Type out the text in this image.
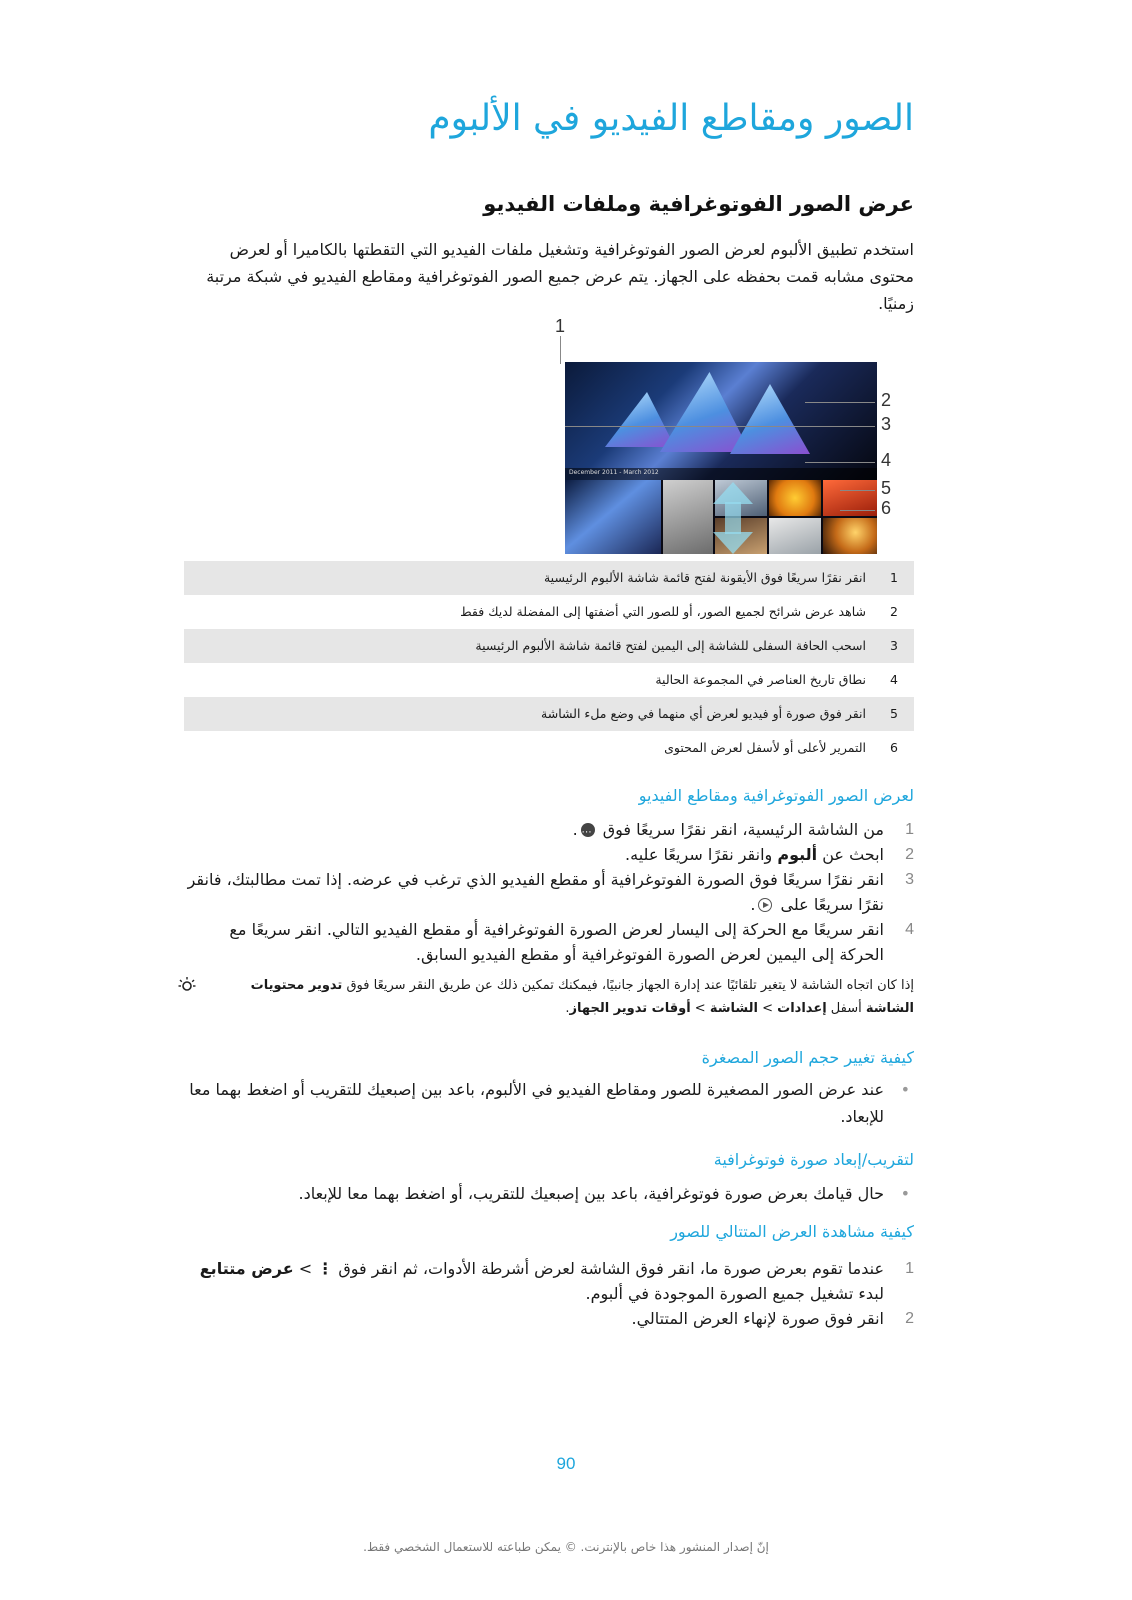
الصور ومقاطع الفيديو في الألبوم
عرض الصور الفوتوغرافية وملفات الفيديو

استخدم تطبيق الألبوم لعرض الصور الفوتوغرافية وتشغيل ملفات الفيديو التي التقطتها بالكاميرا أو لعرض محتوى مشابه قمت بحفظه على الجهاز. يتم عرض جميع الصور الفوتوغرافية ومقاطع الفيديو في شبكة مرتبة زمنيًا.

1
انقر نقرًا سريعًا فوق الأيقونة لفتح قائمة شاشة الألبوم الرئيسية
2
شاهد عرض شرائح لجميع الصور، أو للصور التي أضفتها إلى المفضلة لديك فقط
3
اسحب الحافة السفلى للشاشة إلى اليمين لفتح قائمة شاشة الألبوم الرئيسية
4
نطاق تاريخ العناصر في المجموعة الحالية
5
انقر فوق صورة أو فيديو لعرض أي منهما في وضع ملء الشاشة
6
التمرير لأعلى أو لأسفل لعرض المحتوى
لعرض الصور الفوتوغرافية ومقاطع الفيديو
1
من الشاشة الرئيسية، انقر نقرًا سريعًا فوق ⋯.
2
ابحث عن ألبوم وانقر نقرًا سريعًا عليه.
3
انقر نقرًا سريعًا فوق الصورة الفوتوغرافية أو مقطع الفيديو الذي ترغب في عرضه. إذا تمت مطالبتك، فانقر نقرًا سريعًا على .
4
انقر سريعًا مع الحركة إلى اليسار لعرض الصورة الفوتوغرافية أو مقطع الفيديو التالي. انقر سريعًا مع الحركة إلى اليمين لعرض الصورة الفوتوغرافية أو مقطع الفيديو السابق.
إذا كان اتجاه الشاشة لا يتغير تلقائيًا عند إدارة الجهاز جانبيًا، فيمكنك تمكين ذلك عن طريق النقر سريعًا فوق تدوير محتويات الشاشة أسفل إعدادات > الشاشة > أوقات تدوير الجهاز.
كيفية تغيير حجم الصور المصغرة
•
عند عرض الصور المصغيرة للصور ومقاطع الفيديو في الألبوم، باعد بين إصبعيك للتقريب أو اضغط بهما معا للإبعاد.
لتقريب/إبعاد صورة فوتوغرافية
•
حال قيامك بعرض صورة فوتوغرافية، باعد بين إصبعيك للتقريب، أو اضغط بهما معا للإبعاد.
كيفية مشاهدة العرض المتتالي للصور
1
عندما تقوم بعرض صورة ما، انقر فوق الشاشة لعرض أشرطة الأدوات، ثم انقر فوق ⋮ > عرض متتابع لبدء تشغيل جميع الصورة الموجودة في ألبوم.
2
انقر فوق صورة لإنهاء العرض المتتالي.
December 2011 - March 2012
1
2
3
4
5
6
90
إنّ إصدار المنشور هذا خاص بالإنترنت. © يمكن طباعته للاستعمال الشخصي فقط.
